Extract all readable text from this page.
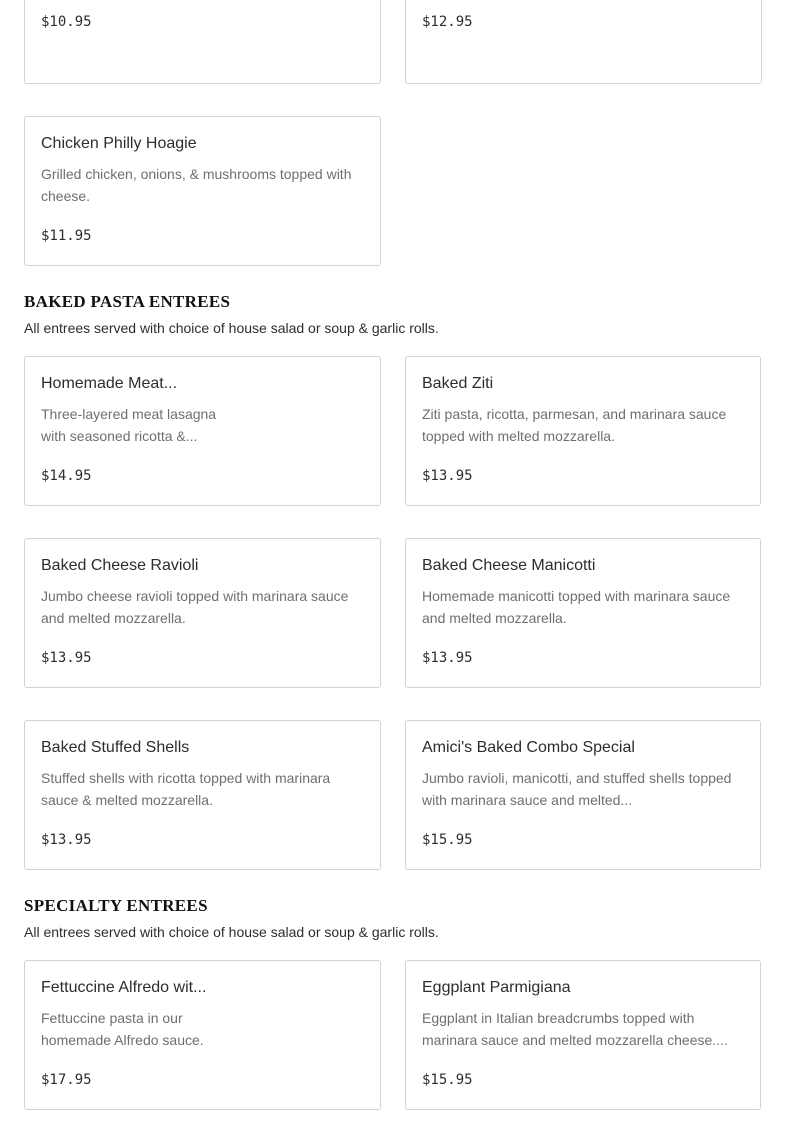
$10.95	$12.95
Chicken Philly Hoagie
Grilled chicken, onions, & mushrooms topped with cheese.
$11.95
BAKED PASTA ENTREES

All entrees served with choice of house salad or soup & garlic rolls.

Homemade Meat...
Three-layered meat lasagna with seasoned ricotta &...
$14.95
Baked Ziti
Ziti pasta, ricotta, parmesan, and marinara sauce topped with melted mozzarella.
$13.95
Baked Cheese Ravioli
Jumbo cheese ravioli topped with marinara sauce and melted mozzarella.
$13.95
Baked Cheese Manicotti
Homemade manicotti topped with marinara sauce and melted mozzarella.
$13.95
Baked Stuffed Shells
Stuffed shells with ricotta topped with marinara sauce & melted mozzarella.
$13.95
Amici's Baked Combo Special
Jumbo ravioli, manicotti, and stuffed shells topped with marinara sauce and melted...
$15.95
SPECIALTY ENTREES

All entrees served with choice of house salad or soup & garlic rolls.

Fettuccine Alfredo wit...
Fettuccine pasta in our homemade Alfredo sauce.
$17.95
Eggplant Parmigiana
Eggplant in Italian breadcrumbs topped with marinara sauce and melted mozzarella cheese....
$15.95
